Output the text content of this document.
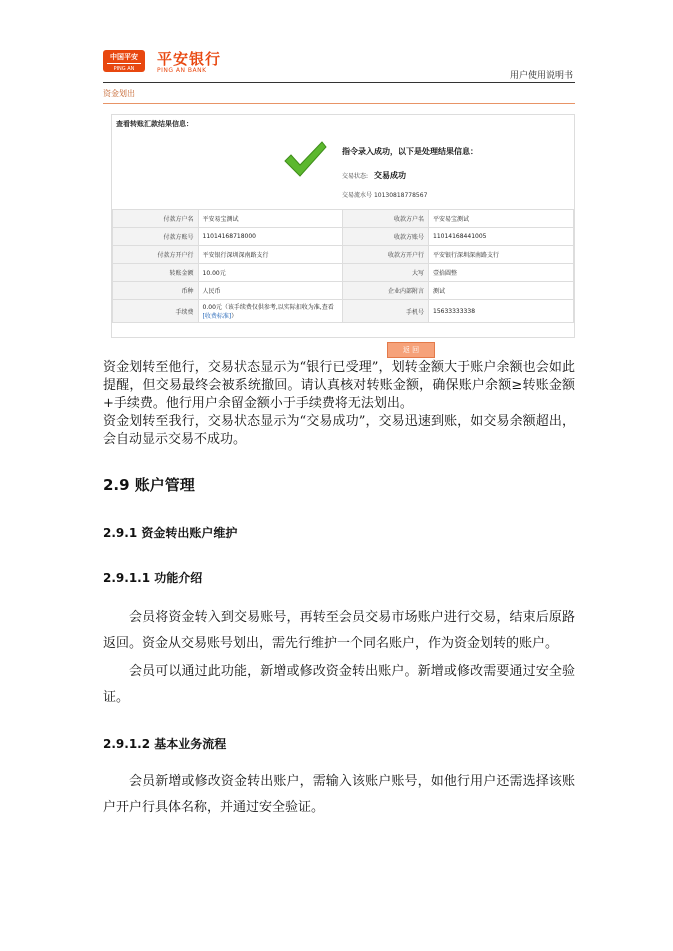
中国平安
PING AN
平安银行
PING AN BANK
用户使用说明书
资金划出
查看转账汇款结果信息：
指令录入成功，以下是处理结果信息：
交易状态: 交易成功
交易流水号 10130818778567
付款方户名	平安易宝测试	收款方户名	平安易宝测试
付款方账号	11014168718000	收款方账号	11014168441005
付款方开户行	平安银行深圳深南路支行	收款方开户行	平安银行深圳深南路支行
转账金额	10.00元	大写	壹拾圆整
币种	人民币	企业内部附言	测试
手续费	0.00元（该手续费仅供参考,以实际扣收为准,查看[收费标准]）	手机号	15633333338
返 回
资金划转至他行，交易状态显示为“银行已受理”，划转金额大于账户余额也会如此提醒，但交易最终会被系统撤回。请认真核对转账金额，确保账户余额≥转账金额+手续费。他行用户余留金额小于手续费将无法划出。
资金划转至我行，交易状态显示为“交易成功”，交易迅速到账，如交易余额超出，会自动显示交易不成功。
2.9 账户管理
2.9.1 资金转出账户维护
2.9.1.1 功能介绍
会员将资金转入到交易账号，再转至会员交易市场账户进行交易，结束后原路返回。资金从交易账号划出，需先行维护一个同名账户，作为资金划转的账户。
会员可以通过此功能，新增或修改资金转出账户。新增或修改需要通过安全验证。
2.9.1.2 基本业务流程
会员新增或修改资金转出账户，需输入该账户账号，如他行用户还需选择该账户开户行具体名称，并通过安全验证。
